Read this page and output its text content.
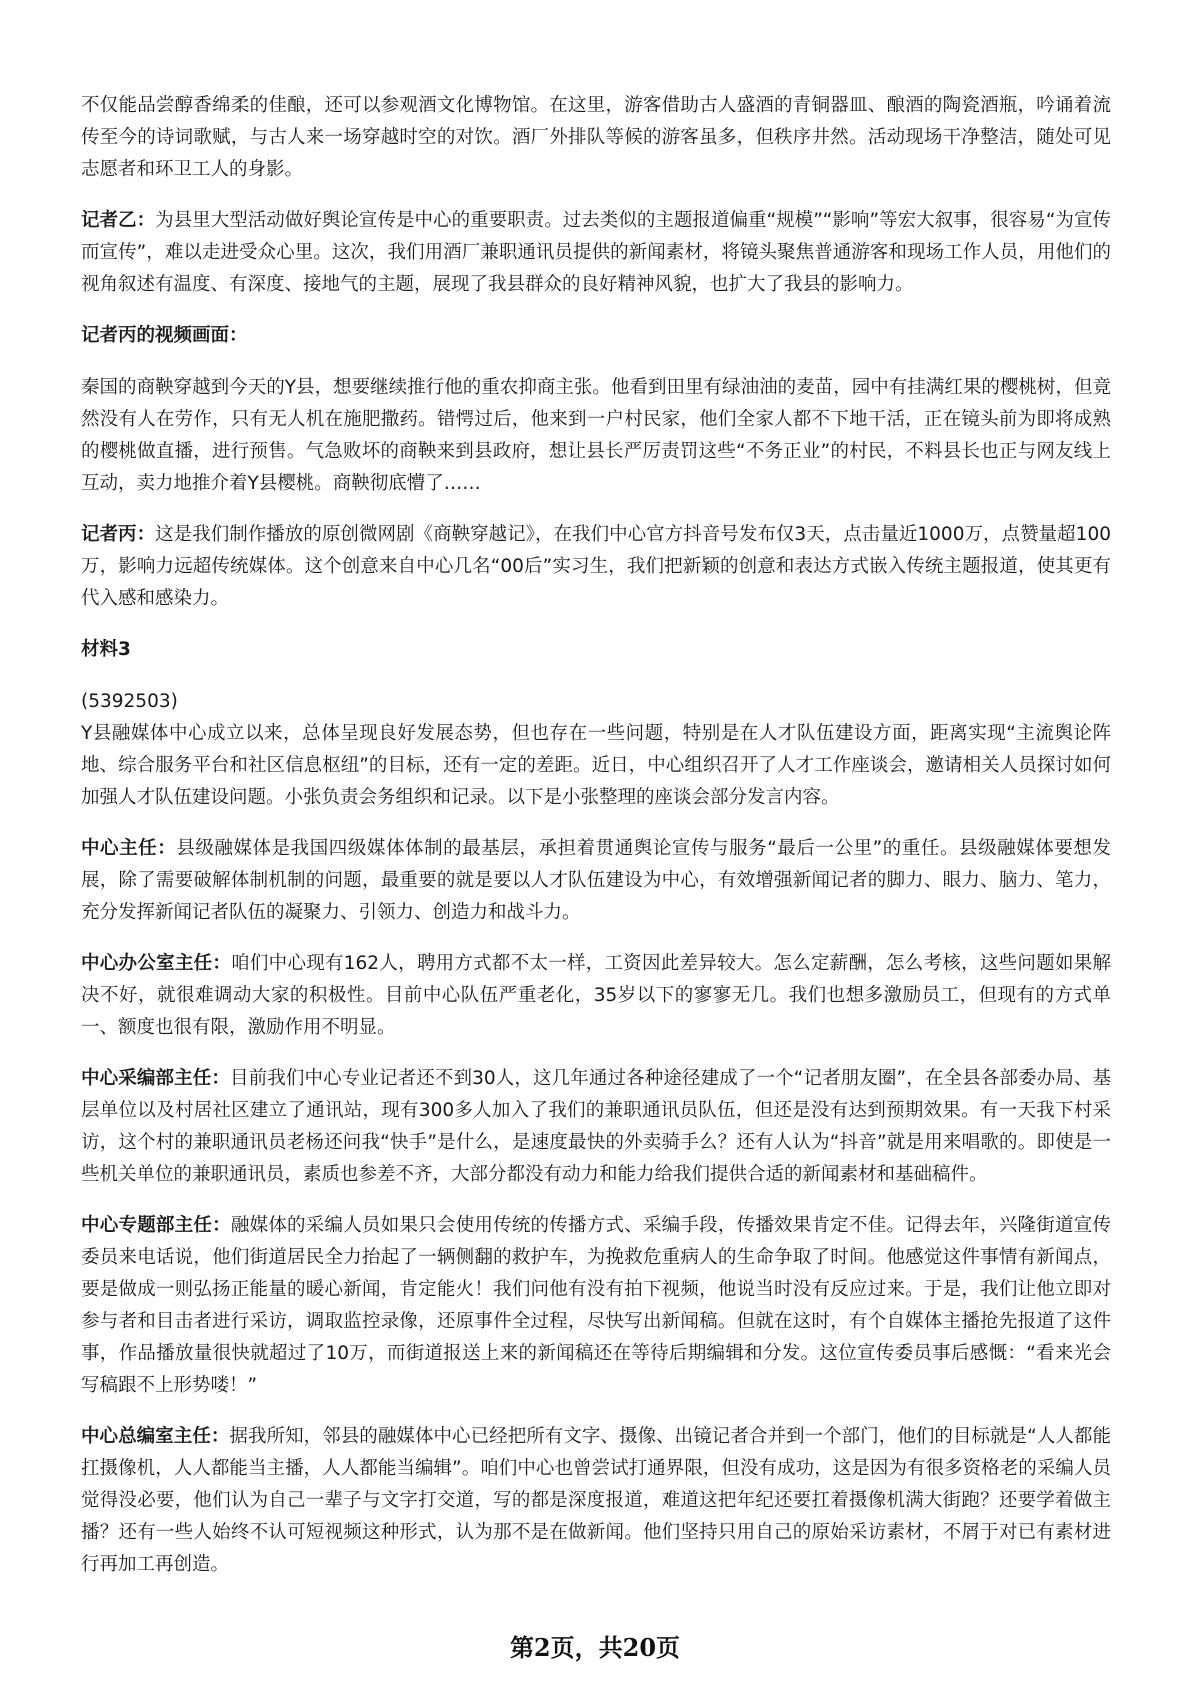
不仅能品尝醇香绵柔的佳酿，还可以参观酒文化博物馆。在这里，游客借助古人盛酒的青铜器皿、酿酒的陶瓷酒瓶，吟诵着流传至今的诗词歌赋，与古人来一场穿越时空的对饮。酒厂外排队等候的游客虽多，但秩序井然。活动现场干净整洁，随处可见志愿者和环卫工人的身影。

记者乙：为县里大型活动做好舆论宣传是中心的重要职责。过去类似的主题报道偏重“规模”“影响”等宏大叙事，很容易“为宣传而宣传”，难以走进受众心里。这次，我们用酒厂兼职通讯员提供的新闻素材，将镜头聚焦普通游客和现场工作人员，用他们的视角叙述有温度、有深度、接地气的主题，展现了我县群众的良好精神风貌，也扩大了我县的影响力。

记者丙的视频画面：

秦国的商鞅穿越到今天的Y县，想要继续推行他的重农抑商主张。他看到田里有绿油油的麦苗，园中有挂满红果的樱桃树，但竟然没有人在劳作，只有无人机在施肥撒药。错愕过后，他来到一户村民家，他们全家人都不下地干活，正在镜头前为即将成熟的樱桃做直播，进行预售。气急败坏的商鞅来到县政府，想让县长严厉责罚这些“不务正业”的村民，不料县长也正与网友线上互动，卖力地推介着Y县樱桃。商鞅彻底懵了……

记者丙：这是我们制作播放的原创微网剧《商鞅穿越记》，在我们中心官方抖音号发布仅3天，点击量近1000万，点赞量超100万，影响力远超传统媒体。这个创意来自中心几名“00后”实习生，我们把新颖的创意和表达方式嵌入传统主题报道，使其更有代入感和感染力。

材料3

(5392503)

Y县融媒体中心成立以来，总体呈现良好发展态势，但也存在一些问题，特别是在人才队伍建设方面，距离实现“主流舆论阵地、综合服务平台和社区信息枢纽”的目标，还有一定的差距。近日，中心组织召开了人才工作座谈会，邀请相关人员探讨如何加强人才队伍建设问题。小张负责会务组织和记录。以下是小张整理的座谈会部分发言内容。

中心主任：县级融媒体是我国四级媒体体制的最基层，承担着贯通舆论宣传与服务“最后一公里”的重任。县级融媒体要想发展，除了需要破解体制机制的问题，最重要的就是要以人才队伍建设为中心，有效增强新闻记者的脚力、眼力、脑力、笔力，充分发挥新闻记者队伍的凝聚力、引领力、创造力和战斗力。

中心办公室主任：咱们中心现有162人，聘用方式都不太一样，工资因此差异较大。怎么定薪酬，怎么考核，这些问题如果解决不好，就很难调动大家的积极性。目前中心队伍严重老化，35岁以下的寥寥无几。我们也想多激励员工，但现有的方式单一、额度也很有限，激励作用不明显。

中心采编部主任：目前我们中心专业记者还不到30人，这几年通过各种途径建成了一个“记者朋友圈”，在全县各部委办局、基层单位以及村居社区建立了通讯站，现有300多人加入了我们的兼职通讯员队伍，但还是没有达到预期效果。有一天我下村采访，这个村的兼职通讯员老杨还问我“快手”是什么，是速度最快的外卖骑手么？还有人认为“抖音”就是用来唱歌的。即使是一些机关单位的兼职通讯员，素质也参差不齐，大部分都没有动力和能力给我们提供合适的新闻素材和基础稿件。

中心专题部主任：融媒体的采编人员如果只会使用传统的传播方式、采编手段，传播效果肯定不佳。记得去年，兴隆街道宣传委员来电话说，他们街道居民全力抬起了一辆侧翻的救护车，为挽救危重病人的生命争取了时间。他感觉这件事情有新闻点，要是做成一则弘扬正能量的暖心新闻，肯定能火！我们问他有没有拍下视频，他说当时没有反应过来。于是，我们让他立即对参与者和目击者进行采访，调取监控录像，还原事件全过程，尽快写出新闻稿。但就在这时，有个自媒体主播抢先报道了这件事，作品播放量很快就超过了10万，而街道报送上来的新闻稿还在等待后期编辑和分发。这位宣传委员事后感慨：“看来光会写稿跟不上形势喽！”

中心总编室主任：据我所知，邻县的融媒体中心已经把所有文字、摄像、出镜记者合并到一个部门，他们的目标就是“人人都能扛摄像机，人人都能当主播，人人都能当编辑”。咱们中心也曾尝试打通界限，但没有成功，这是因为有很多资格老的采编人员觉得没必要，他们认为自己一辈子与文字打交道，写的都是深度报道，难道这把年纪还要扛着摄像机满大街跑？还要学着做主播？还有一些人始终不认可短视频这种形式，认为那不是在做新闻。他们坚持只用自己的原始采访素材，不屑于对已有素材进行再加工再创造。

第2页，共20页
